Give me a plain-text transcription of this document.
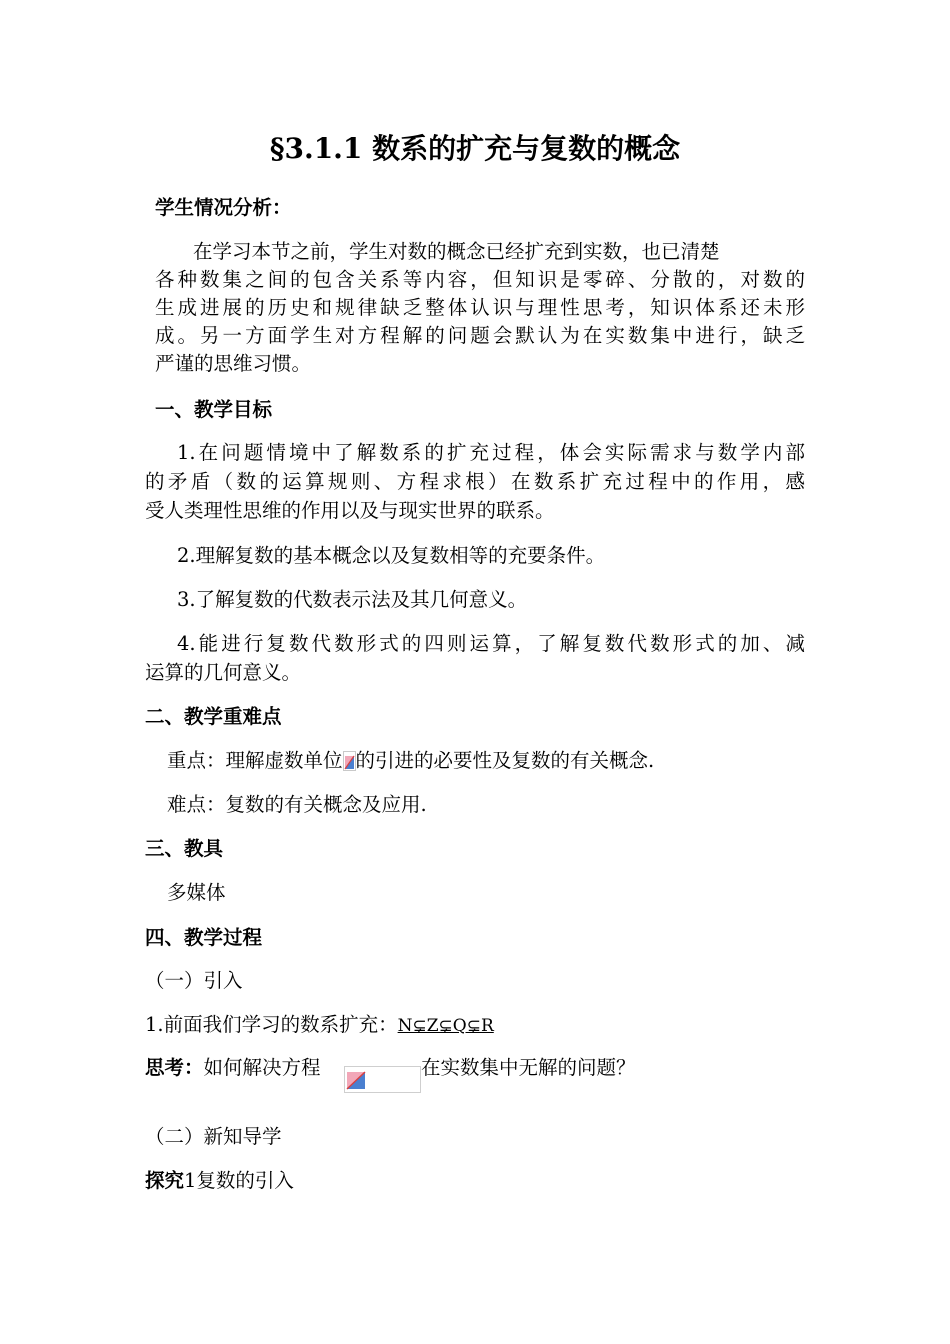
§3.1.1 数系的扩充与复数的概念
学生情况分析：
在学习本节之前，学生对数的概念已经扩充到实数，也已清楚
各种数集之间的包含关系等内容，但知识是零碎、分散的，对数的
生成进展的历史和规律缺乏整体认识与理性思考，知识体系还未形
成。另一方面学生对方程解的问题会默认为在实数集中进行，缺乏
严谨的思维习惯。
一、教学目标
1.在问题情境中了解数系的扩充过程，体会实际需求与数学内部
的矛盾（数的运算规则、方程求根）在数系扩充过程中的作用，感
受人类理性思维的作用以及与现实世界的联系。
2.理解复数的基本概念以及复数相等的充要条件。
3.了解复数的代数表示法及其几何意义。
4.能进行复数代数形式的四则运算，了解复数代数形式的加、减
运算的几何意义。
二、教学重难点
重点：理解虚数单位 的引进的必要性及复数的有关概念.
难点：复数的有关概念及应用.
三、教具
多媒体
四、教学过程
（一）引入
1.前面我们学习的数系扩充：N⊊Z⊊Q⊊R
思考：如何解决方程	在实数集中无解的问题？
（二）新知导学
探究1复数的引入
